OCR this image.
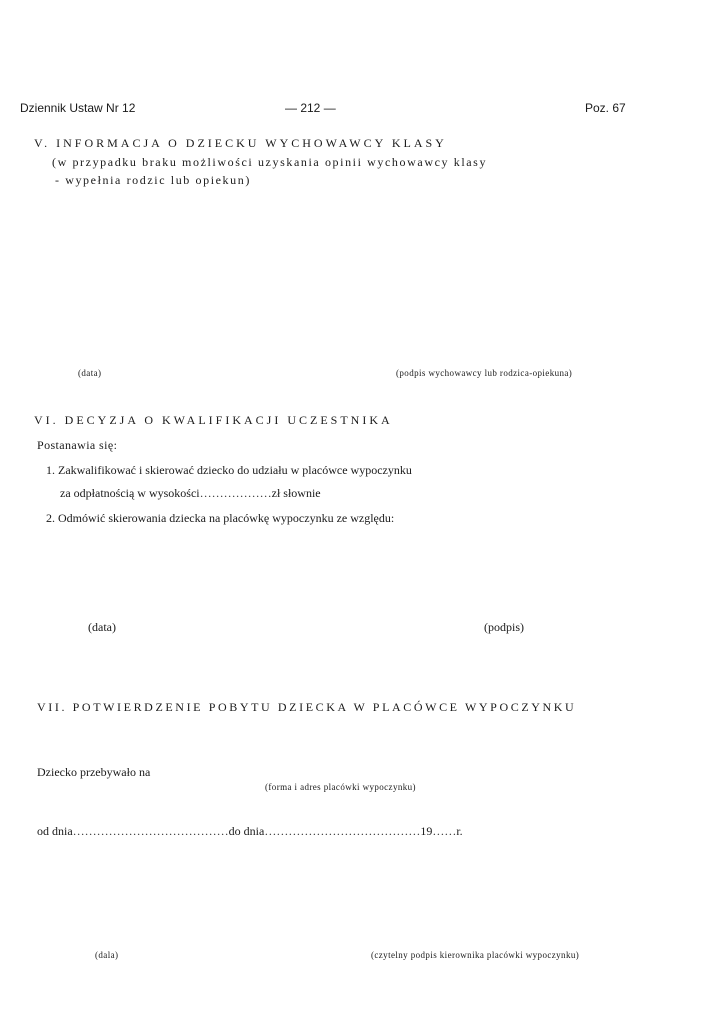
Dziennik Ustaw Nr 12	— 212 —	Poz. 67
V. INFORMACJA O DZIECKU WYCHOWAWCY KLASY
(w przypadku braku możliwości uzyskania opinii wychowawcy klasy
- wypełnia rodzic lub opiekun)
(data)	(podpis wychowawcy lub rodzica-opiekuna)
VI. DECYZJA O KWALIFIKACJI UCZESTNIKA
Postanawia się:
1. Zakwalifikować i skierować dziecko do udziału w placówce wypoczynku
za odpłatnością w wysokości………………zł słownie
2. Odmówić skierowania dziecka na placówkę wypoczynku ze względu:
(data)	(podpis)
VII. POTWIERDZENIE POBYTU DZIECKA W PLACÓWCE WYPOCZYNKU
Dziecko przebywało na
(forma i adres placówki wypoczynku)
od dnia…………………………………do dnia…………………………………19……r.
(dala)	(czytelny podpis kierownika placówki wypoczynku)
